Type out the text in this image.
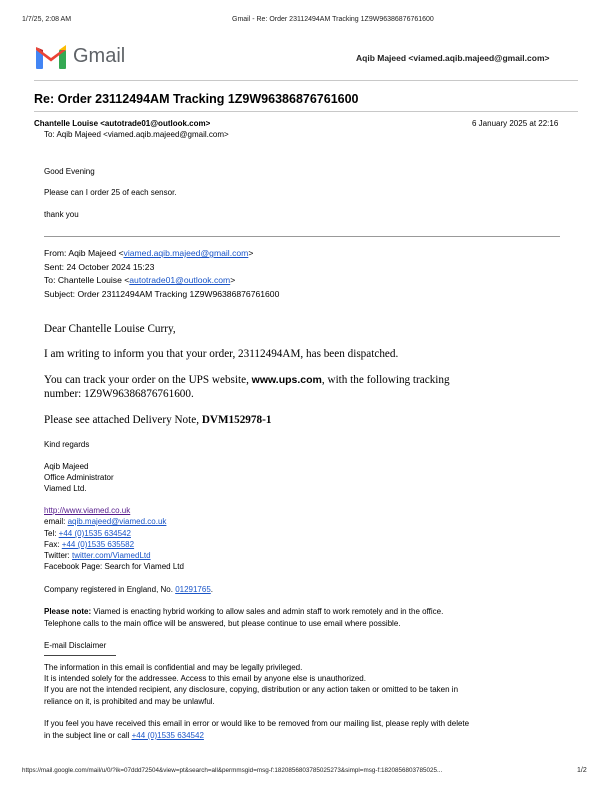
1/7/25, 2:08 AM	Gmail - Re: Order 23112494AM Tracking 1Z9W96386876761600
Gmail	Aqib Majeed <viamed.aqib.majeed@gmail.com>
Re: Order 23112494AM Tracking 1Z9W96386876761600
Chantelle Louise <autotrade01@outlook.com>
To: Aqib Majeed <viamed.aqib.majeed@gmail.com>
6 January 2025 at 22:16
Good Evening
Please can I order 25 of each sensor.
thank you
From: Aqib Majeed <viamed.aqib.majeed@gmail.com>
Sent: 24 October 2024 15:23
To: Chantelle Louise <autotrade01@outlook.com>
Subject: Order 23112494AM Tracking 1Z9W96386876761600
Dear Chantelle Louise Curry,
I am writing to inform you that your order, 23112494AM, has been dispatched.
You can track your order on the UPS website, www.ups.com, with the following tracking
number: 1Z9W96386876761600.
Please see attached Delivery Note, DVM152978-1
Kind regards
Aqib Majeed
Office Administrator
Viamed Ltd.
http://www.viamed.co.uk
email: aqib.majeed@viamed.co.uk
Tel: +44 (0)1535 634542
Fax: +44 (0)1535 635582
Twitter: twitter.com/ViamedLtd
Facebook Page: Search for Viamed Ltd
Company registered in England, No. 01291765.
Please note: Viamed is enacting hybrid working to allow sales and admin staff to work remotely and in the office.
Telephone calls to the main office will be answered, but please continue to use email where possible.
E-mail Disclaimer
The information in this email is confidential and may be legally privileged.
It is intended solely for the addressee. Access to this email by anyone else is unauthorized.
If you are not the intended recipient, any disclosure, copying, distribution or any action taken or omitted to be taken in
reliance on it, is prohibited and may be unlawful.
If you feel you have received this email in error or would like to be removed from our mailing list, please reply with delete
in the subject line or call +44 (0)1535 634542
https://mail.google.com/mail/u/0/?ik=07ddd72504&view=pt&search=all&permmsgid=msg-f:1820856803785025273&simpl=msg-f:1820856803785025...	1/2
